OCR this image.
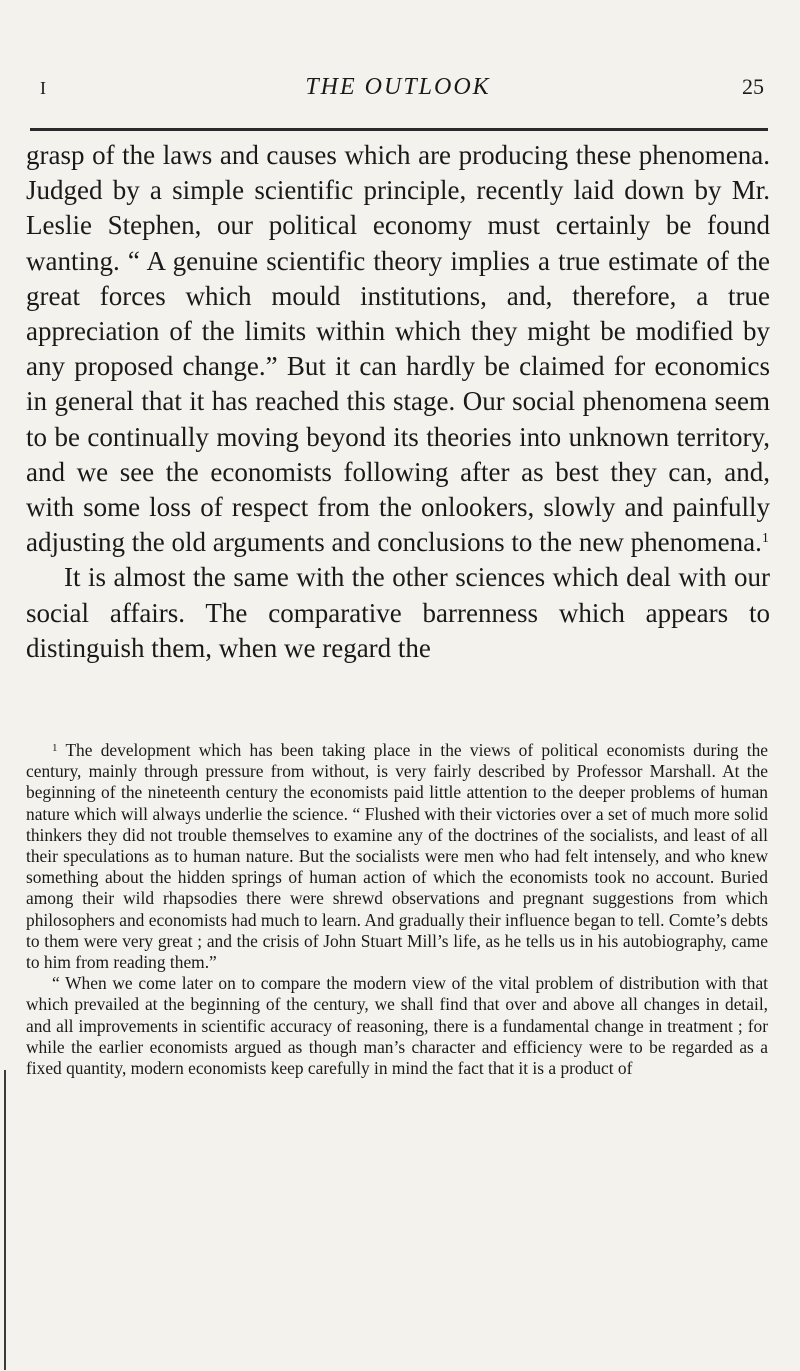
I	THE OUTLOOK	25

grasp of the laws and causes which are producing these phenomena. Judged by a simple scientific principle, recently laid down by Mr. Leslie Stephen, our political economy must certainly be found wanting. “ A genuine scientific theory implies a true estimate of the great forces which mould institutions, and, therefore, a true appreciation of the limits within which they might be modified by any proposed change.” But it can hardly be claimed for economics in general that it has reached this stage. Our social phenomena seem to be continually moving beyond its theories into unknown territory, and we see the economists following after as best they can, and, with some loss of respect from the onlookers, slowly and painfully adjusting the old arguments and conclusions to the new phenomena.$^1$

It is almost the same with the other sciences which deal with our social affairs. The comparative barrenness which appears to distinguish them, when we regard the

$^1$ The development which has been taking place in the views of political economists during the century, mainly through pressure from without, is very fairly described by Professor Marshall. At the beginning of the nineteenth century the economists paid little attention to the deeper problems of human nature which will always underlie the science. “ Flushed with their victories over a set of much more solid thinkers they did not trouble themselves to examine any of the doctrines of the socialists, and least of all their speculations as to human nature. But the socialists were men who had felt intensely, and who knew something about the hidden springs of human action of which the economists took no account. Buried among their wild rhapsodies there were shrewd observations and pregnant suggestions from which philosophers and economists had much to learn. And gradually their influence began to tell. Comte’s debts to them were very great ; and the crisis of John Stuart Mill’s life, as he tells us in his autobiography, came to him from reading them.”

“ When we come later on to compare the modern view of the vital problem of distribution with that which prevailed at the beginning of the century, we shall find that over and above all changes in detail, and all improvements in scientific accuracy of reasoning, there is a fundamental change in treatment ; for while the earlier economists argued as though man’s character and efficiency were to be regarded as a fixed quantity, modern economists keep carefully in mind the fact that it is a product of
